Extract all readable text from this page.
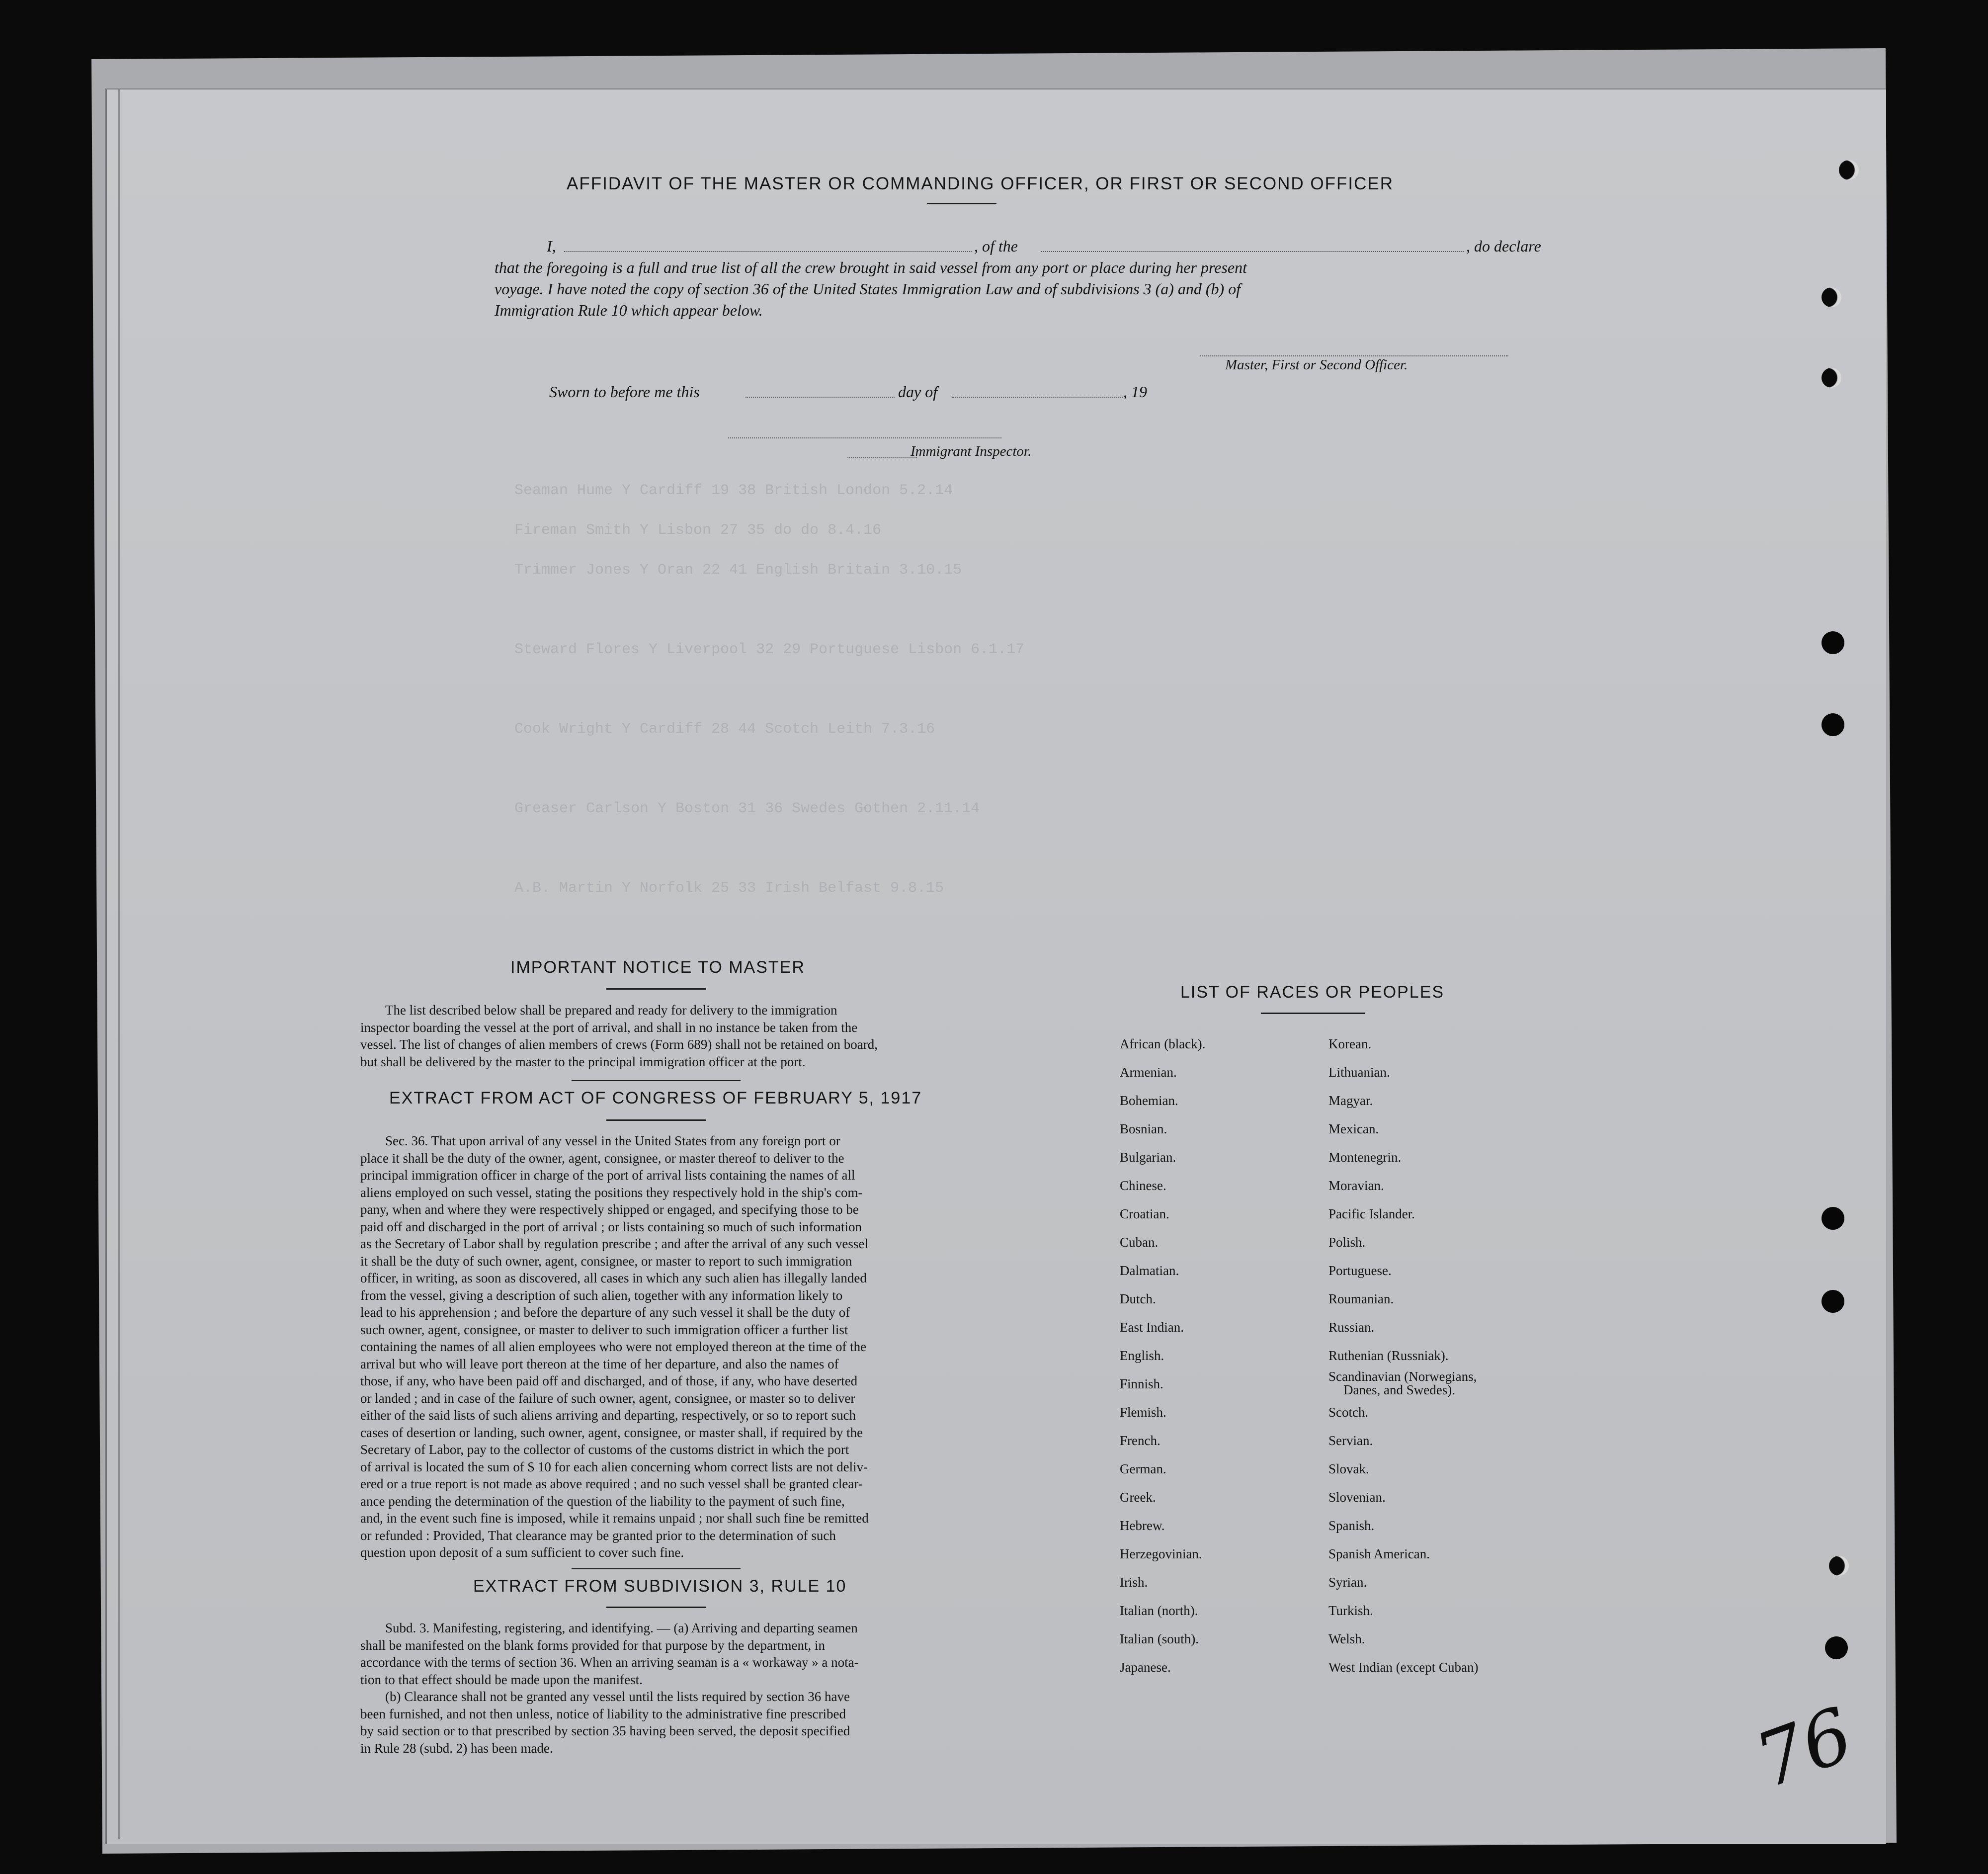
Seaman Hume Y Cardiff 19 38 British London 5.2.14
Fireman Smith Y Lisbon 27 35 do do 8.4.16
Trimmer Jones Y Oran 22 41 English Britain 3.10.15
Steward Flores Y Liverpool 32 29 Portuguese Lisbon 6.1.17
Cook Wright Y Cardiff 28 44 Scotch Leith 7.3.16
Greaser Carlson Y Boston 31 36 Swedes Gothen 2.11.14
A.B. Martin Y Norfolk 25 33 Irish Belfast 9.8.15
AFFIDAVIT OF THE MASTER OR COMMANDING OFFICER, OR FIRST OR SECOND OFFICER
I,	, of the	, do declare
that the foregoing is a full and true list of all the crew brought in said vessel from any port or place during her present
voyage. I have noted the copy of section 36 of the United States Immigration Law and of subdivisions 3 (a) and (b) of
Immigration Rule 10 which appear below.
Master, First or Second Officer.
Sworn to before me this	day of	, 19
Immigrant Inspector.
IMPORTANT NOTICE TO MASTER
The list described below shall be prepared and ready for delivery to the immigration
inspector boarding the vessel at the port of arrival, and shall in no instance be taken from the
vessel. The list of changes of alien members of crews (Form 689) shall not be retained on board,
but shall be delivered by the master to the principal immigration officer at the port.
EXTRACT FROM ACT OF CONGRESS OF FEBRUARY 5, 1917
Sec. 36. That upon arrival of any vessel in the United States from any foreign port or
place it shall be the duty of the owner, agent, consignee, or master thereof to deliver to the
principal immigration officer in charge of the port of arrival lists containing the names of all
aliens employed on such vessel, stating the positions they respectively hold in the ship's com-
pany, when and where they were respectively shipped or engaged, and specifying those to be
paid off and discharged in the port of arrival ; or lists containing so much of such information
as the Secretary of Labor shall by regulation prescribe ; and after the arrival of any such vessel
it shall be the duty of such owner, agent, consignee, or master to report to such immigration
officer, in writing, as soon as discovered, all cases in which any such alien has illegally landed
from the vessel, giving a description of such alien, together with any information likely to
lead to his apprehension ; and before the departure of any such vessel it shall be the duty of
such owner, agent, consignee, or master to deliver to such immigration officer a further list
containing the names of all alien employees who were not employed thereon at the time of the
arrival but who will leave port thereon at the time of her departure, and also the names of
those, if any, who have been paid off and discharged, and of those, if any, who have deserted
or landed ; and in case of the failure of such owner, agent, consignee, or master so to deliver
either of the said lists of such aliens arriving and departing, respectively, or so to report such
cases of desertion or landing, such owner, agent, consignee, or master shall, if required by the
Secretary of Labor, pay to the collector of customs of the customs district in which the port
of arrival is located the sum of $ 10 for each alien concerning whom correct lists are not deliv-
ered or a true report is not made as above required ; and no such vessel shall be granted clear-
ance pending the determination of the question of the liability to the payment of such fine,
and, in the event such fine is imposed, while it remains unpaid ; nor shall such fine be remitted
or refunded : Provided, That clearance may be granted prior to the determination of such
question upon deposit of a sum sufficient to cover such fine.
EXTRACT FROM SUBDIVISION 3, RULE 10
Subd. 3. Manifesting, registering, and identifying. — (a) Arriving and departing seamen
shall be manifested on the blank forms provided for that purpose by the department, in
accordance with the terms of section 36. When an arriving seaman is a « workaway » a nota-
tion to that effect should be made upon the manifest.
(b) Clearance shall not be granted any vessel until the lists required by section 36 have
been furnished, and not then unless, notice of liability to the administrative fine prescribed
by said section or to that prescribed by section 35 having been served, the deposit specified
in Rule 28 (subd. 2) has been made.
LIST OF RACES OR PEOPLES
African (black).
Armenian.
Bohemian.
Bosnian.
Bulgarian.
Chinese.
Croatian.
Cuban.
Dalmatian.
Dutch.
East Indian.
English.
Finnish.
Flemish.
French.
German.
Greek.
Hebrew.
Herzegovinian.
Irish.
Italian (north).
Italian (south).
Japanese.
Korean.
Lithuanian.
Magyar.
Mexican.
Montenegrin.
Moravian.
Pacific Islander.
Polish.
Portuguese.
Roumanian.
Russian.
Ruthenian (Russniak).
Scandinavian (Norwegians,
Danes, and Swedes).
Scotch.
Servian.
Slovak.
Slovenian.
Spanish.
Spanish American.
Syrian.
Turkish.
Welsh.
West Indian (except Cuban)
76
